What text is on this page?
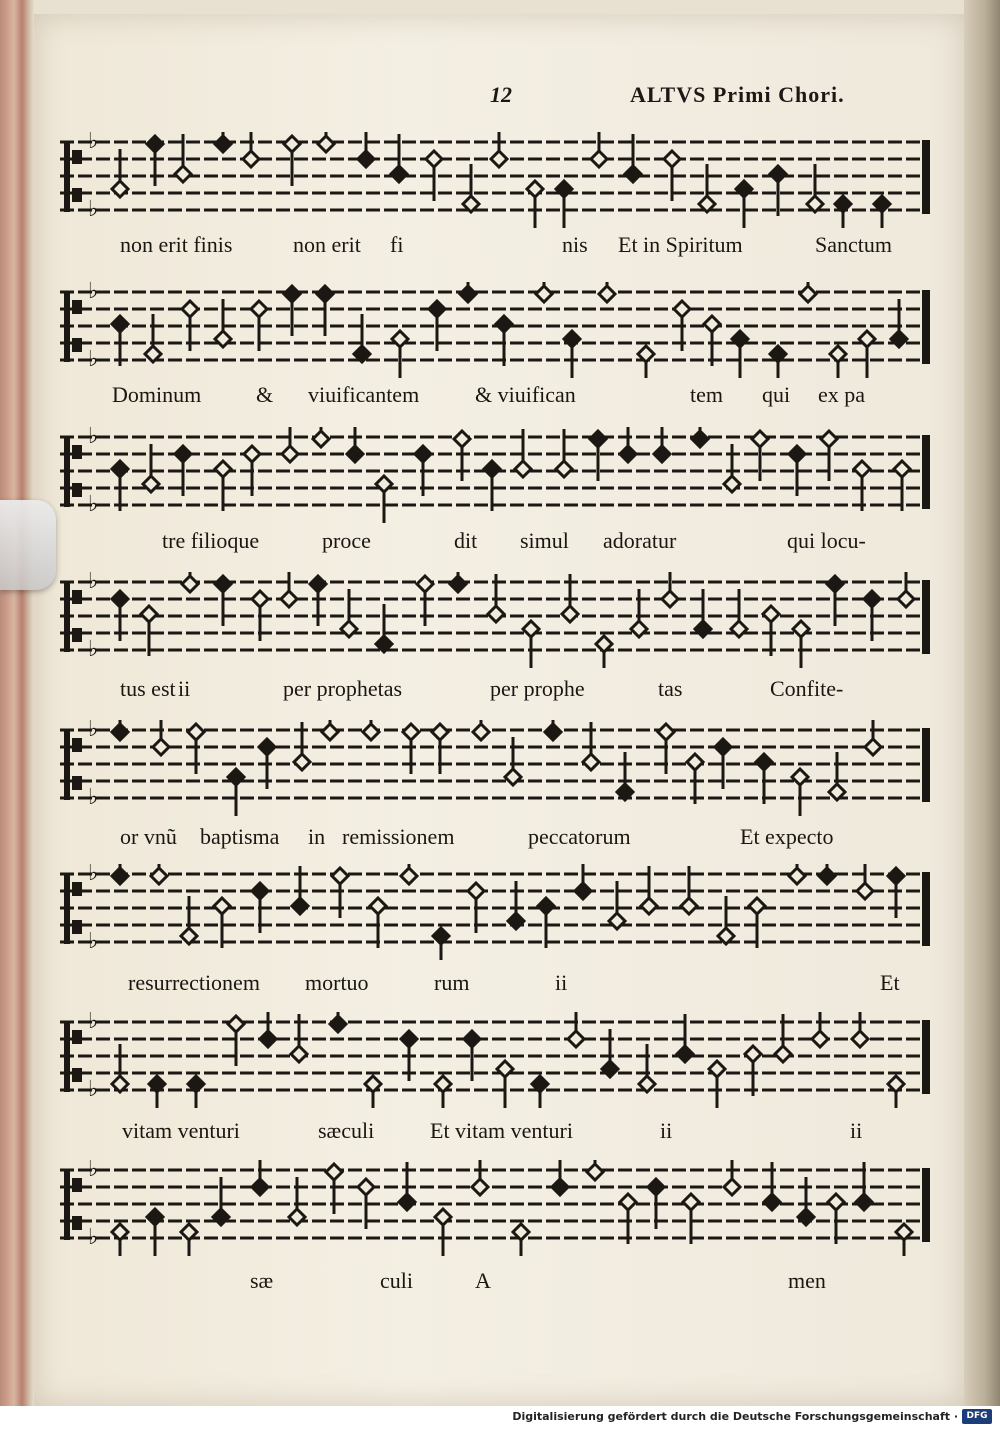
12	ALTVS Primi Chori.
♭
♭
non erit finis	non erit fi	nis Et in Spiritum	Sanctum
♭
♭
Dominum & viuificantem	& viuifican	tem qui ex pa
♭
♭
tre filioque	proce	dit simul adoratur	qui locu-
♭
♭
tus est ii	per prophetas	per prophe	tas	Confite-
♭
♭
or vnũ baptisma in remissionem	peccatorum	Et expecto
♭
♭
resurrectionem mortuo	rum	ii	Et
♭
♭
vitam venturi	sæculi	Et vitam venturi	ii	ii
♭
♭
sæ	culi	A	men
Digitalisierung gefördert durch die Deutsche Forschungsgemeinschaft · DFG
